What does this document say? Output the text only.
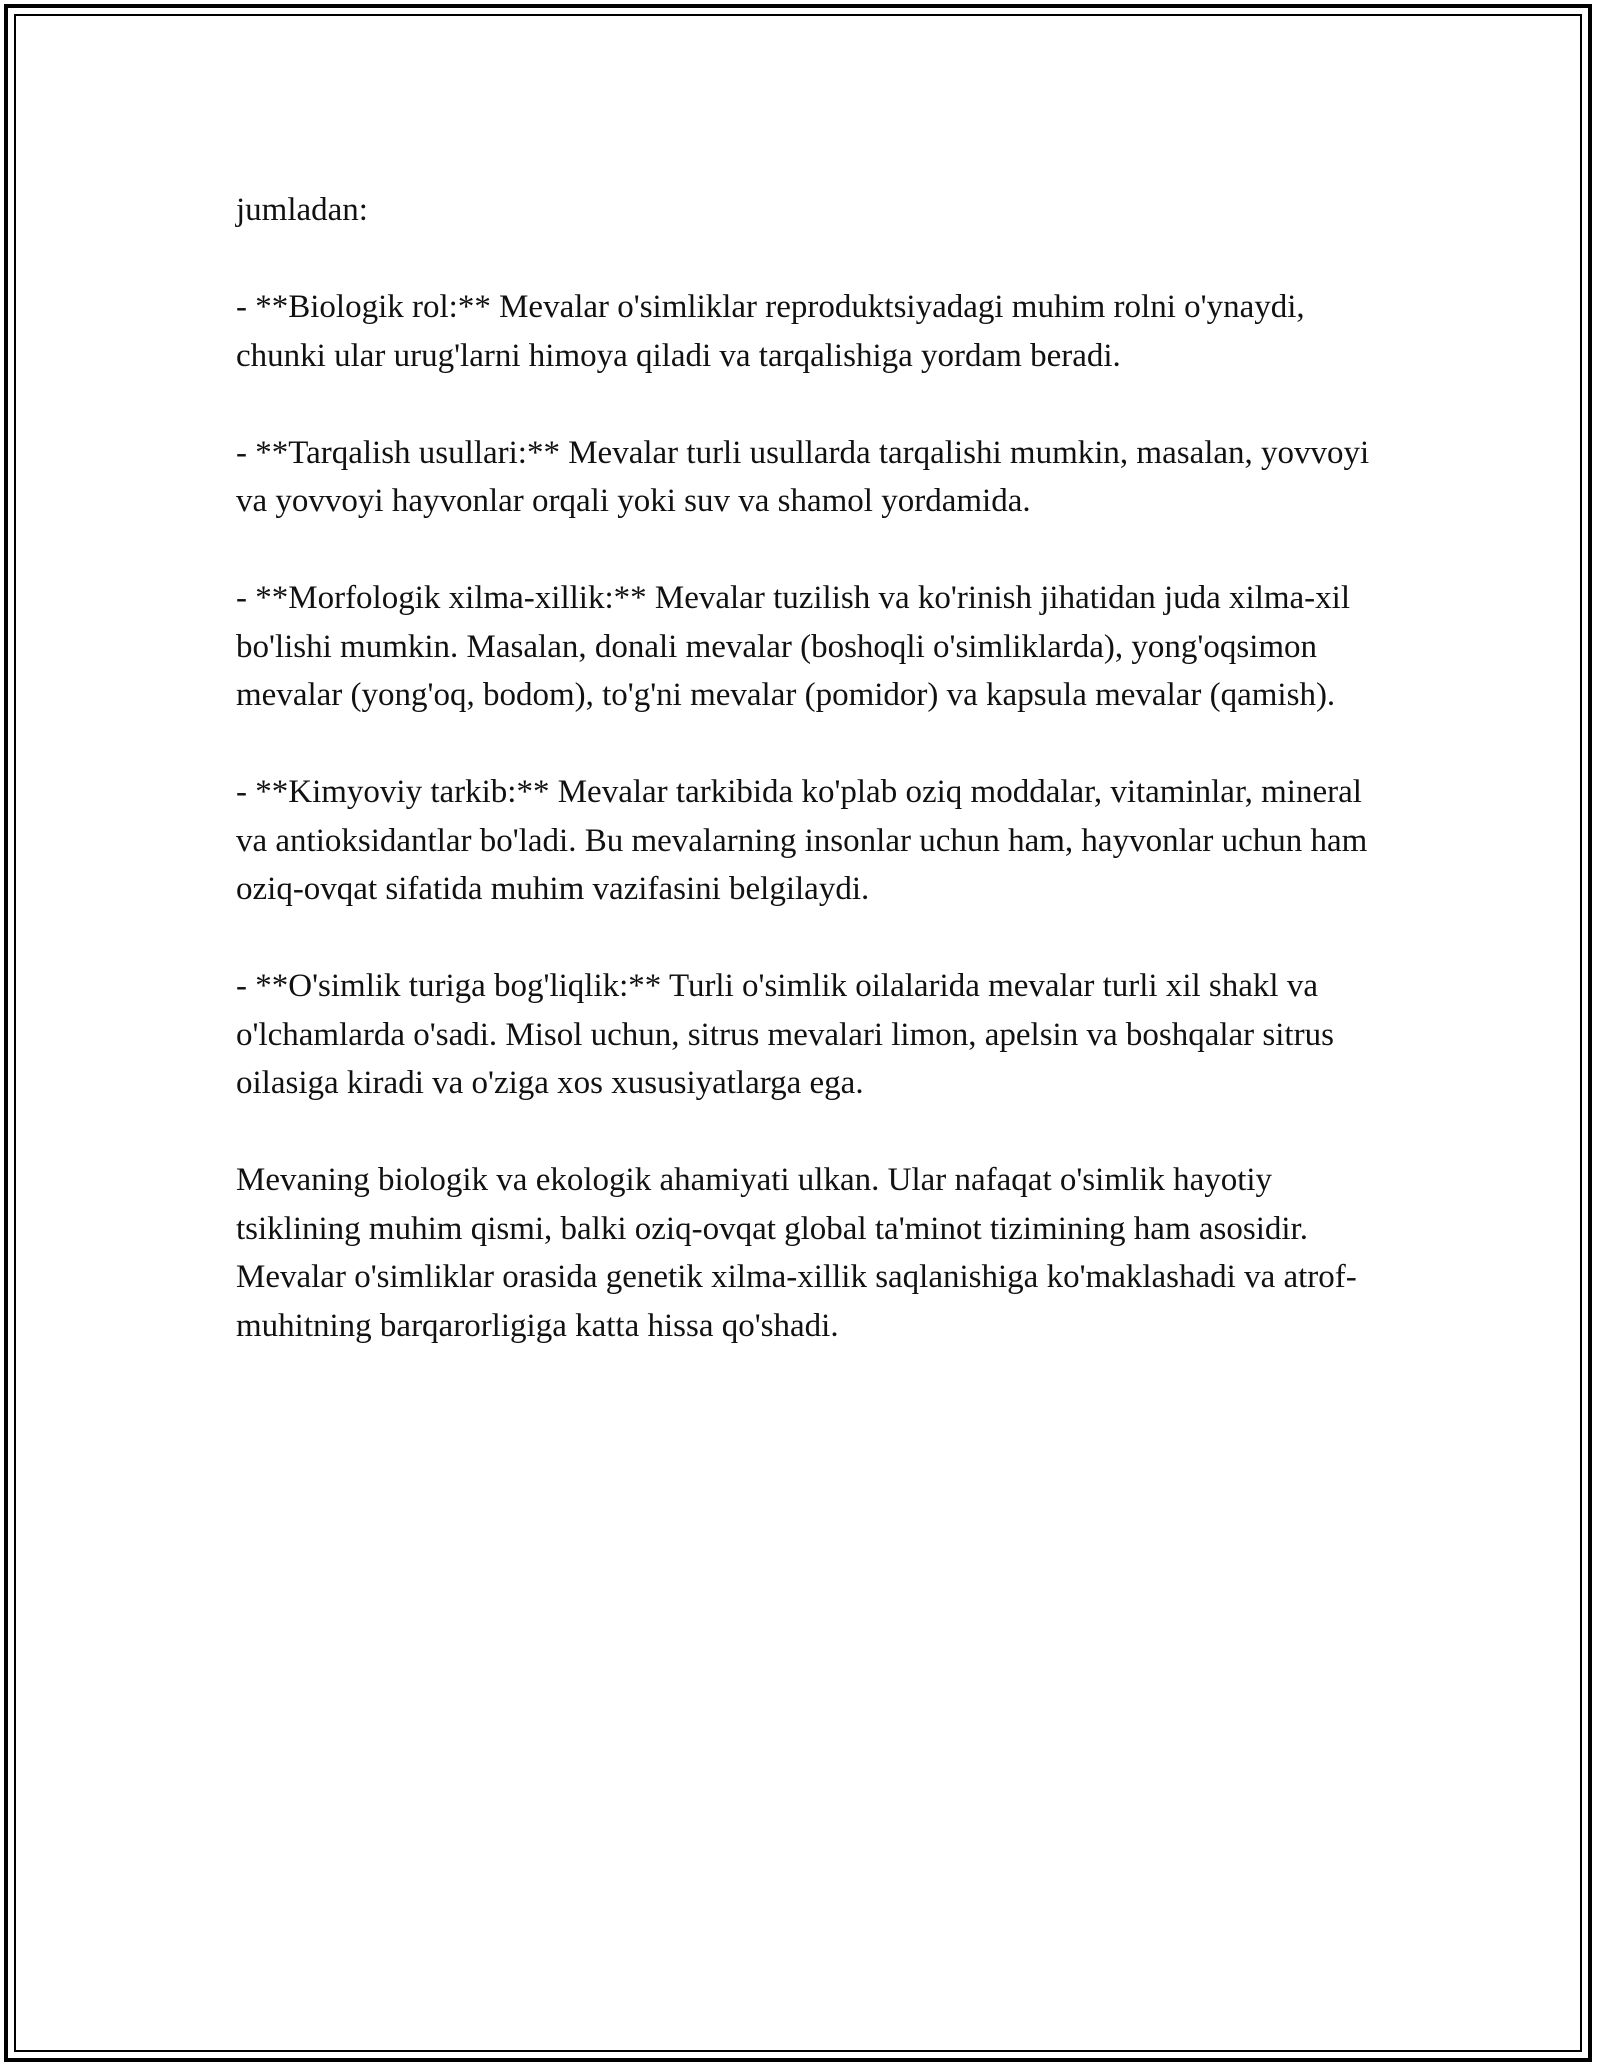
jumladan:

- **Biologik rol:** Mevalar o'simliklar reproduktsiyadagi muhim rolni o'ynaydi, chunki ular urug'larni himoya qiladi va tarqalishiga yordam beradi.

- **Tarqalish usullari:** Mevalar turli usullarda tarqalishi mumkin, masalan, yovvoyi va yovvoyi hayvonlar orqali yoki suv va shamol yordamida.

- **Morfologik xilma-xillik:** Mevalar tuzilish va ko'rinish jihatidan juda xilma-xil bo'lishi mumkin. Masalan, donali mevalar (boshoqli o'simliklarda), yong'oqsimon mevalar (yong'oq, bodom), to'g'ni mevalar (pomidor) va kapsula mevalar (qamish).

- **Kimyoviy tarkib:** Mevalar tarkibida ko'plab oziq moddalar, vitaminlar, mineral va antioksidantlar bo'ladi. Bu mevalarning insonlar uchun ham, hayvonlar uchun ham oziq-ovqat sifatida muhim vazifasini belgilaydi.

- **O'simlik turiga bog'liqlik:** Turli o'simlik oilalarida mevalar turli xil shakl va o'lchamlarda o'sadi. Misol uchun, sitrus mevalari limon, apelsin va boshqalar sitrus oilasiga kiradi va o'ziga xos xususiyatlarga ega.

Mevaning biologik va ekologik ahamiyati ulkan. Ular nafaqat o'simlik hayotiy tsiklining muhim qismi, balki oziq-ovqat global ta'minot tizimining ham asosidir. Mevalar o'simliklar orasida genetik xilma-xillik saqlanishiga ko'maklashadi va atrof-muhitning barqarorligiga katta hissa qo'shadi.
